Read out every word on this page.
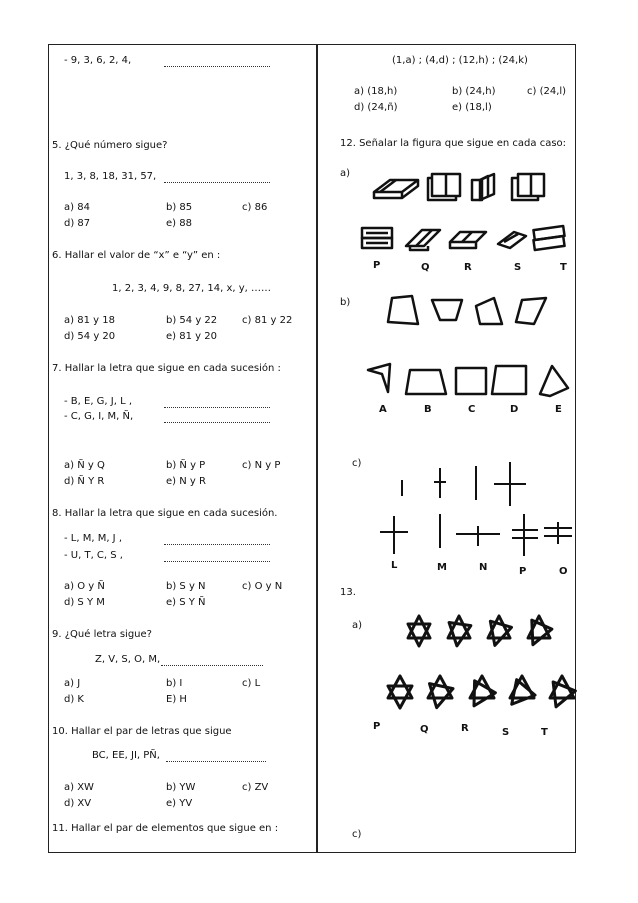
- 9, 3, 6, 2, 4,
5. ¿Qué número sigue?
1, 3, 8, 18, 31, 57,
a) 84	b) 85	c) 86
d) 87	e) 88
6. Hallar el valor de “x” e “y” en :
1, 2, 3, 4, 9, 8, 27, 14, x, y, ……
a) 81 y 18	b) 54 y 22 c) 81 y 22
d) 54 y 20	e) 81 y 20
7. Hallar la letra que sigue en cada sucesión :
- B, E, G, J, L ,
- C, G, I, M, Ñ,
a) Ñ y Q	b) Ñ y P	c) N y P
d) Ñ Y R	e) N y R
8. Hallar la letra que sigue en cada sucesión.
- L, M, M, J ,
- U, T, C, S ,
a) O y Ñ	b) S y N	c) O y N
d) S Y M	e) S Y Ñ
9. ¿Qué letra sigue?
Z, V, S, O, M,
a) J	b) I	c) L
d) K	E) H
10. Hallar el par de letras que sigue
BC, EE, JI, PÑ,
a) XW	b) YW	c) ZV
d) XV	e) YV
11. Hallar el par de elementos que sigue en :
(1,a) ; (4,d) ; (12,h) ; (24,k)
a) (18,h)	b) (24,h)	c) (24,l)
d) (24,ñ)	e) (18,l)
12. Señalar la figura que sigue en cada caso:
a)
P	Q	R	S	T
b)
A	B	C	D	E
c)
L	M	N	P	O
13.
a)
P	Q	R	S	T
c)
